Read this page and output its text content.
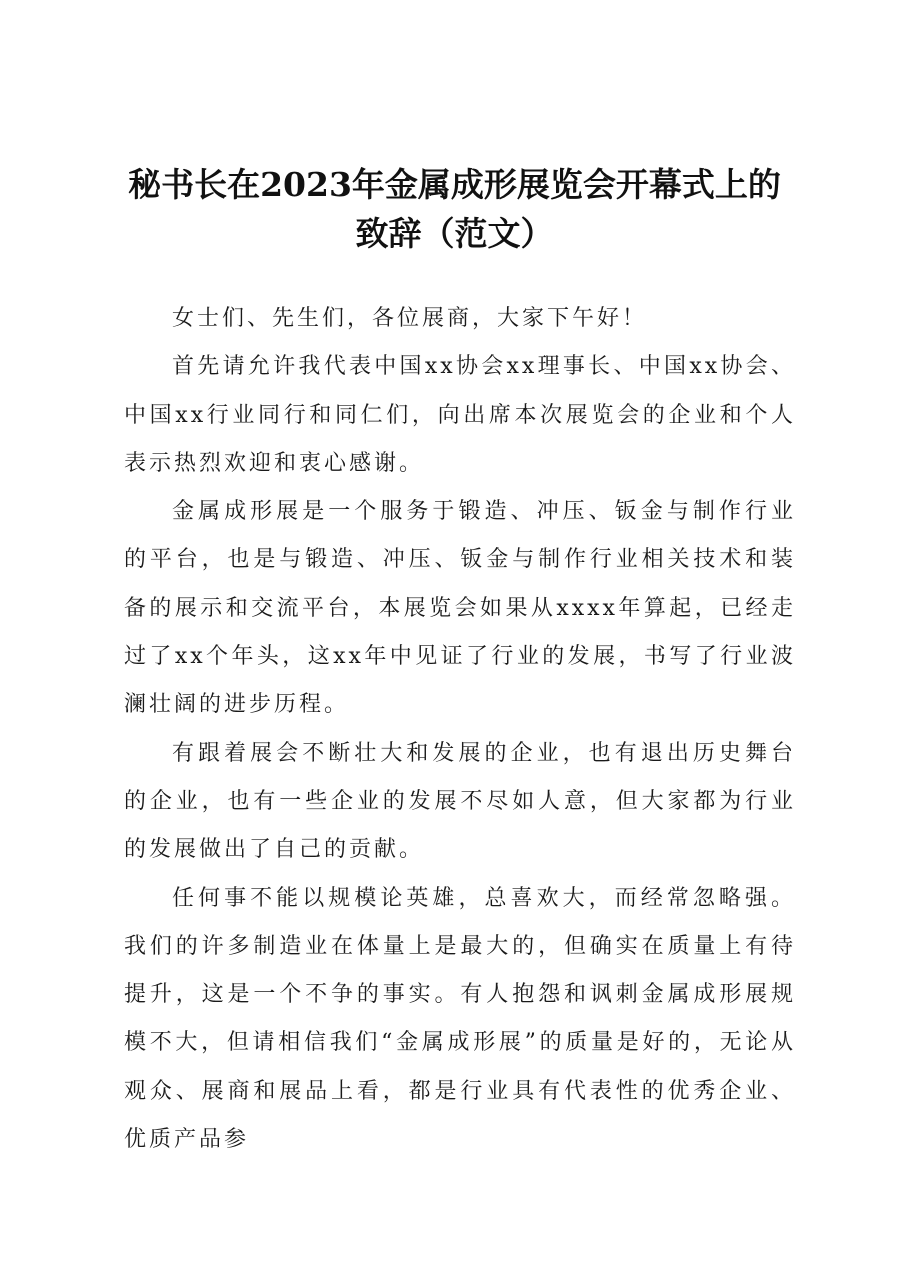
秘书长在2023年金属成形展览会开幕式上的
致辞（范文）

女士们、先生们，各位展商，大家下午好！

首先请允许我代表中国xx协会xx理事长、中国xx协会、中国xx行业同行和同仁们，向出席本次展览会的企业和个人表示热烈欢迎和衷心感谢。

金属成形展是一个服务于锻造、冲压、钣金与制作行业的平台，也是与锻造、冲压、钣金与制作行业相关技术和装备的展示和交流平台，本展览会如果从xxxx年算起，已经走过了xx个年头，这xx年中见证了行业的发展，书写了行业波澜壮阔的进步历程。

有跟着展会不断壮大和发展的企业，也有退出历史舞台的企业，也有一些企业的发展不尽如人意，但大家都为行业的发展做出了自己的贡献。

任何事不能以规模论英雄，总喜欢大，而经常忽略强。我们的许多制造业在体量上是最大的，但确实在质量上有待提升，这是一个不争的事实。有人抱怨和讽刺金属成形展规模不大，但请相信我们“金属成形展”的质量是好的，无论从观众、展商和展品上看，都是行业具有代表性的优秀企业、优质产品参
